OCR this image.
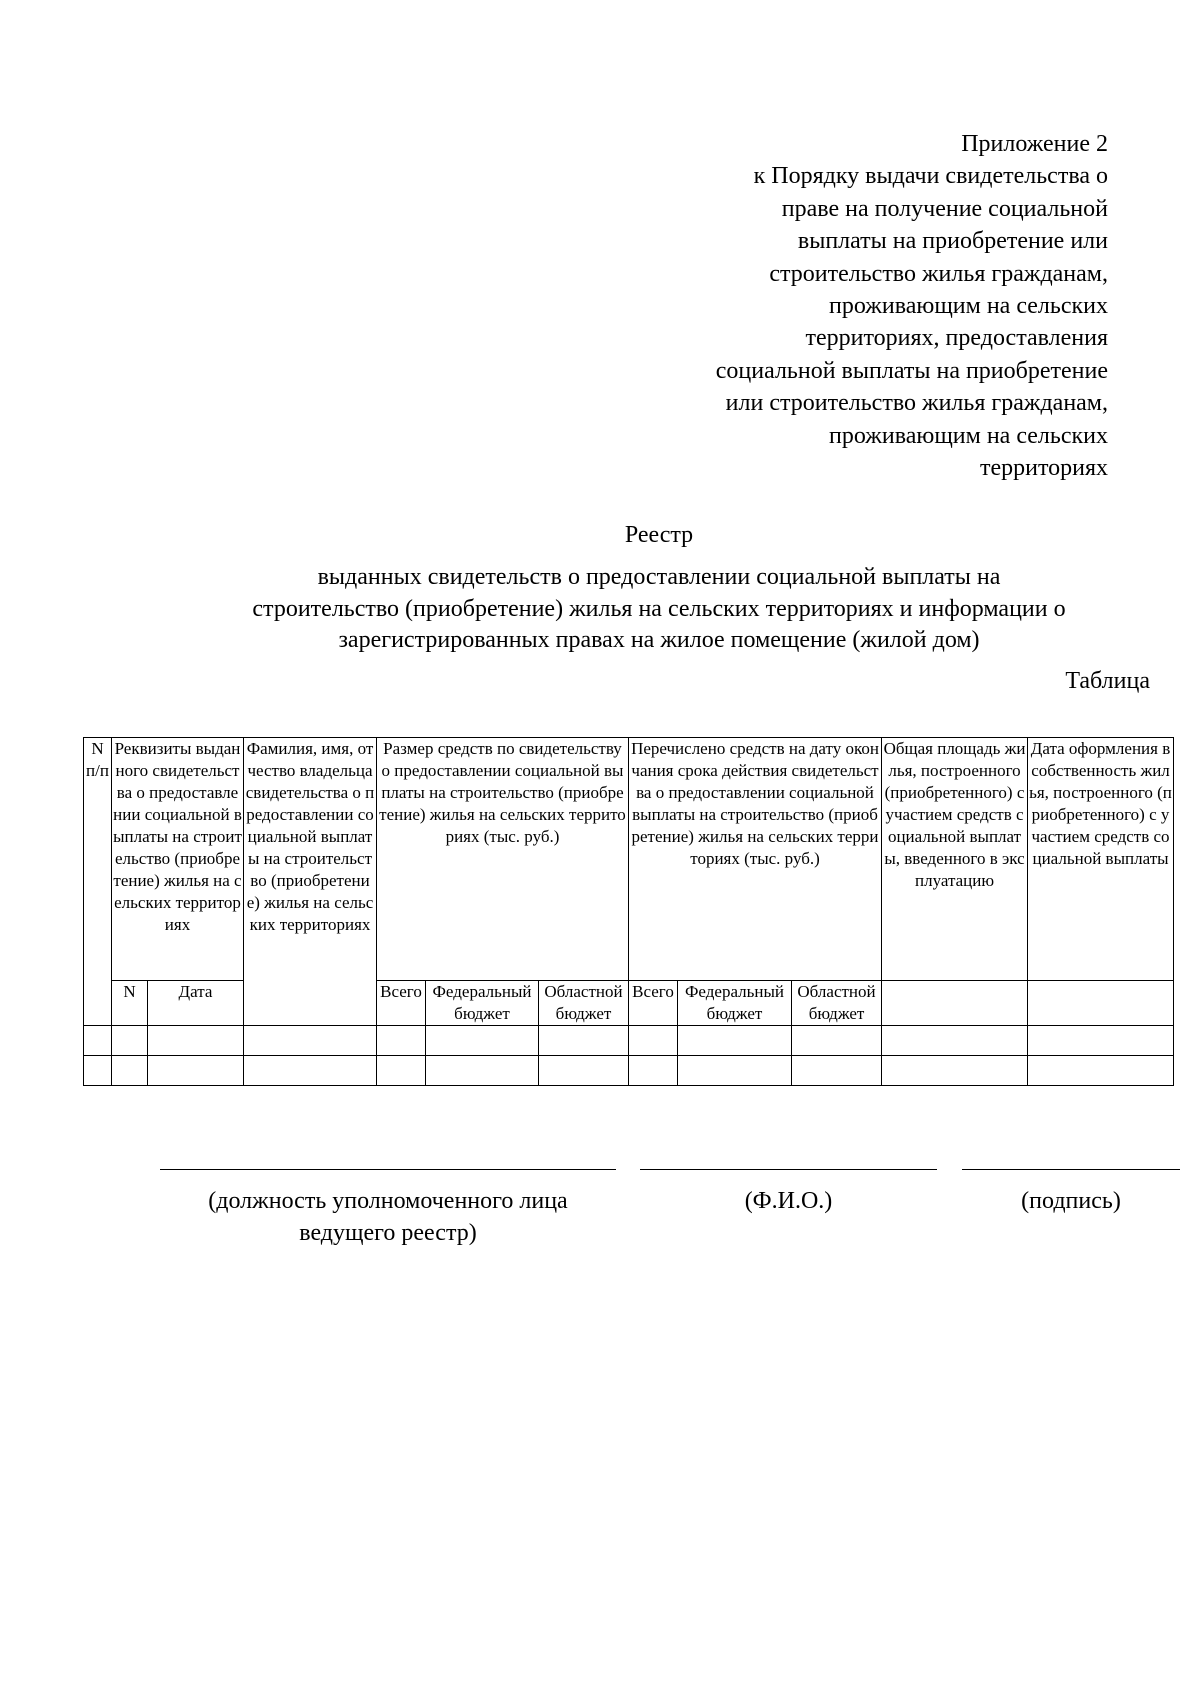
Приложение 2
к Порядку выдачи свидетельства о
праве на получение социальной
выплаты на приобретение или
строительство жилья гражданам,
проживающим на сельских
территориях, предоставления
социальной выплаты на приобретение
или строительство жилья гражданам,
проживающим на сельских
территориях
Реестр
выданных свидетельств о предоставлении социальной выплаты на
строительство (приобретение) жилья на сельских территориях и информации о
зарегистрированных правах на жилое помещение (жилой дом)
Таблица
N п/п	Реквизиты выданного свидетельства о предоставлении социальной выплаты на строительство (приобретение) жилья на сельских территориях		Фамилия, имя, отчество владельца свидетельства о предоставлении социальной выплаты на строительство (приобретение) жилья на сельских территориях	Размер средств по свидетельству о предоставлении социальной выплаты на строительство (приобретение) жилья на сельских территориях (тыс. руб.)			Перечислено средств на дату окончания срока действия свидетельства о предоставлении социальной выплаты на строительство (приобретение) жилья на сельских территориях (тыс. руб.)			Общая площадь жилья, построенного (приобретенного) с участием средств социальной выплаты, введенного в эксплуатацию	Дата оформления в собственность жилья, построенного (приобретенного) с участием средств социальной выплаты
	N	Дата		Всего	Федеральный бюджет	Областной бюджет	Всего	Федеральный бюджет	Областной бюджет		

(должность уполномоченного лица
ведущего реестр)
(Ф.И.О.)	(подпись)
